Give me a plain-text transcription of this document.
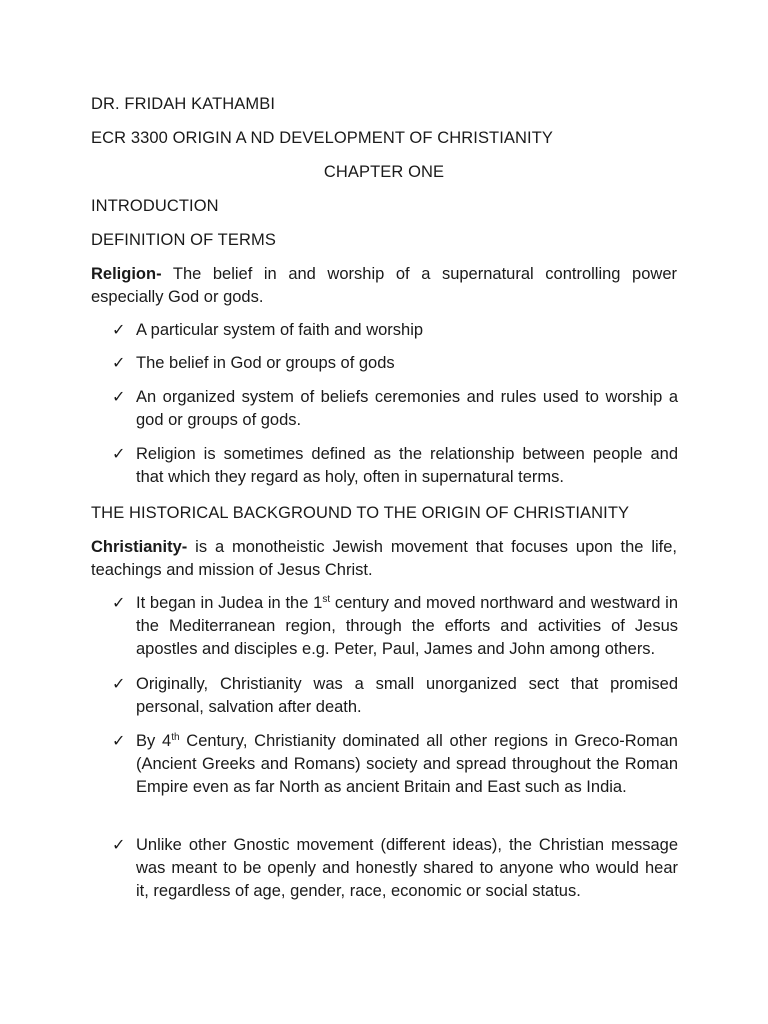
DR. FRIDAH KATHAMBI

ECR 3300 ORIGIN A ND DEVELOPMENT OF CHRISTIANITY

CHAPTER ONE

INTRODUCTION

DEFINITION OF TERMS

Religion- The belief in and worship of a supernatural controlling power especially God or gods.

✓ A particular system of faith and worship

✓ The belief in God or groups of gods

✓ An organized system of beliefs ceremonies and rules used to worship a god or groups of gods.

✓ Religion is sometimes defined as the relationship between people and that which they regard as holy, often in supernatural terms.

THE HISTORICAL BACKGROUND TO THE ORIGIN OF CHRISTIANITY

Christianity- is a monotheistic Jewish movement that focuses upon the life, teachings and mission of Jesus Christ.

✓ It began in Judea in the 1st century and moved northward and westward in the Mediterranean region, through the efforts and activities of Jesus apostles and disciples e.g. Peter, Paul, James and John among others.

✓ Originally, Christianity was a small unorganized sect that promised personal, salvation after death.

✓ By 4th Century, Christianity dominated all other regions in Greco-Roman (Ancient Greeks and Romans) society and spread throughout the Roman Empire even as far North as ancient Britain and East such as India.

✓ Unlike other Gnostic movement (different ideas), the Christian message was meant to be openly and honestly shared to anyone who would hear it, regardless of age, gender, race, economic or social status.
